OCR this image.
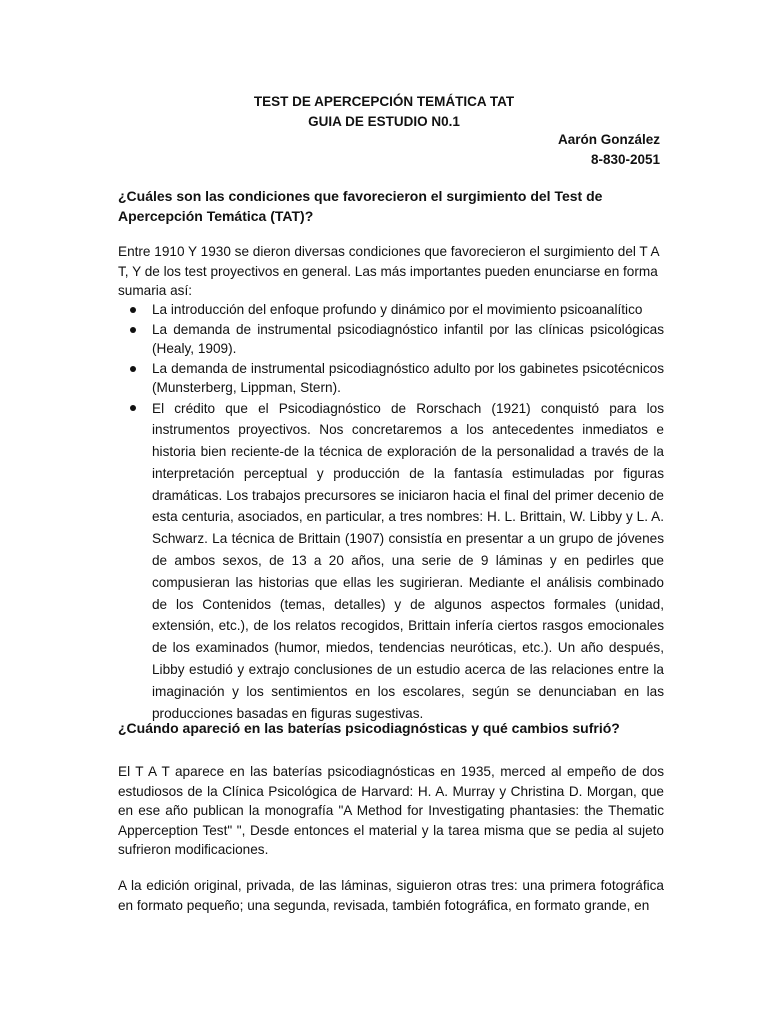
TEST DE APERCEPCIÓN TEMÁTICA TAT
GUIA DE ESTUDIO N0.1
Aarón González
8-830-2051
¿Cuáles son las condiciones que favorecieron el surgimiento del Test de Apercepción Temática (TAT)?
Entre 1910 Y 1930 se dieron diversas condiciones que favorecieron el surgimiento del T A T, Y de los test proyectivos en general. Las más importantes pueden enunciarse en forma sumaria así:
La introducción del enfoque profundo y dinámico por el movimiento psicoanalítico
La demanda de instrumental psicodiagnóstico infantil por las clínicas psicológicas (Healy, 1909).
La demanda de instrumental psicodiagnóstico adulto por los gabinetes psicotécnicos (Munsterberg, Lippman, Stern).
El crédito que el Psicodiagnóstico de Rorschach (1921) conquistó para los instrumentos proyectivos. Nos concretaremos a los antecedentes inmediatos e historia bien reciente-de la técnica de exploración de la personalidad a través de la interpretación perceptual y producción de la fantasía estimuladas por figuras dramáticas. Los trabajos precursores se iniciaron hacia el final del primer decenio de esta centuria, asociados, en particular, a tres nombres: H. L. Brittain, W. Libby y L. A. Schwarz. La técnica de Brittain (1907) consistía en presentar a un grupo de jóvenes de ambos sexos, de 13 a 20 años, una serie de 9 láminas y en pedirles que compusieran las historias que ellas les sugirieran. Mediante el análisis combinado de los Contenidos (temas, detalles) y de algunos aspectos formales (unidad, extensión, etc.), de los relatos recogidos, Brittain infería ciertos rasgos emocionales de los examinados (humor, miedos, tendencias neuróticas, etc.). Un año después, Libby estudió y extrajo conclusiones de un estudio acerca de las relaciones entre la imaginación y los sentimientos en los escolares, según se denunciaban en las producciones basadas en figuras sugestivas.
¿Cuándo apareció en las baterías psicodiagnósticas y qué cambios sufrió?
El T A T aparece en las baterías psicodiagnósticas en 1935, merced al empeño de dos estudiosos de la Clínica Psicológica de Harvard: H. A. Murray y Christina D. Morgan, que en ese año publican la monografía "A Method for Investigating phantasies: the Thematic Apperception Test" ", Desde entonces el material y la tarea misma que se pedia al sujeto sufrieron modificaciones.
A la edición original, privada, de las láminas, siguieron otras tres: una primera fotográfica en formato pequeño; una segunda, revisada, también fotográfica, en formato grande, en
